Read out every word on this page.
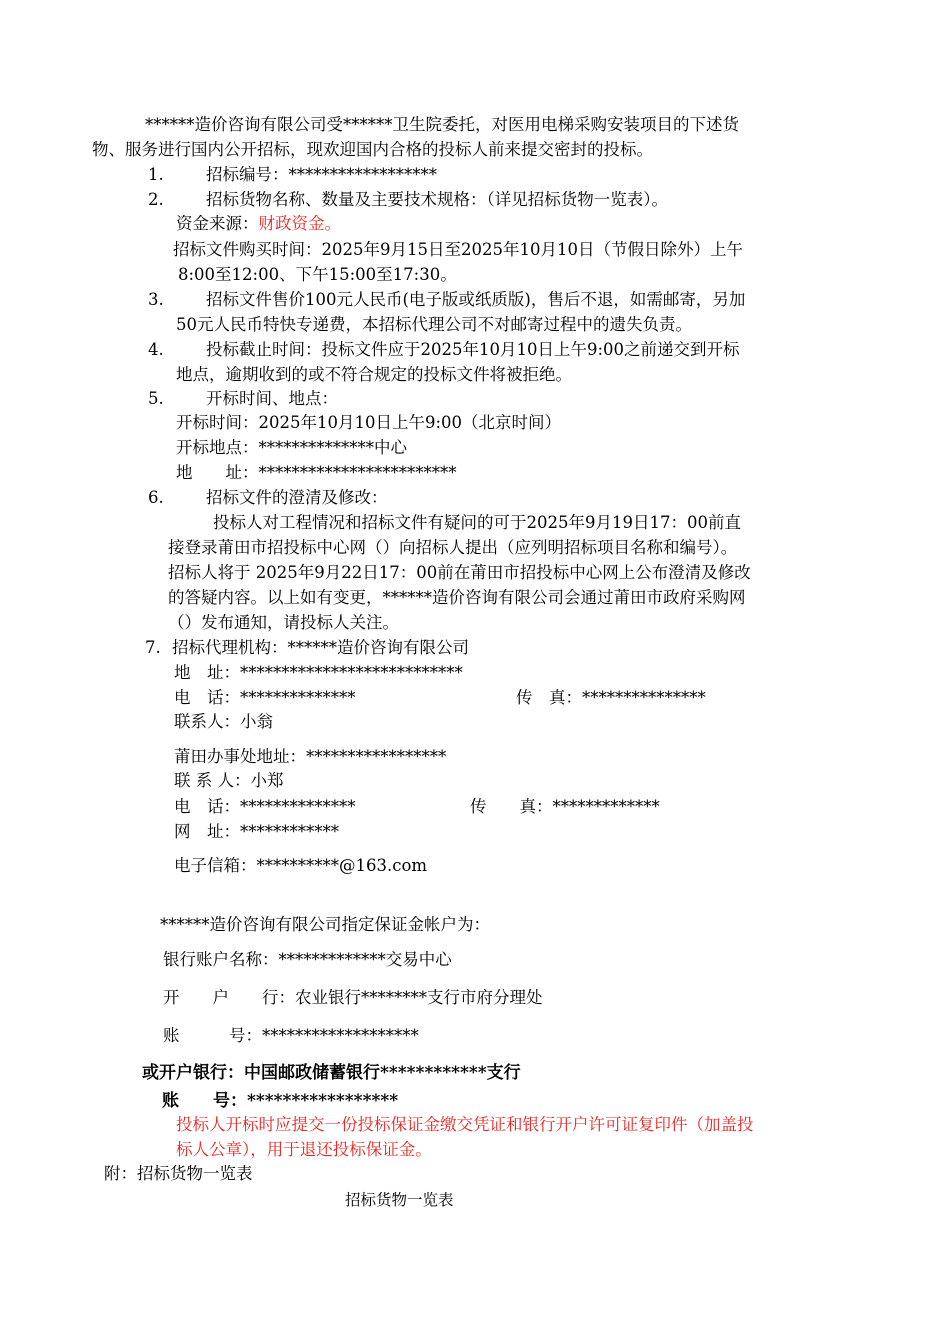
******造价咨询有限公司受******卫生院委托，对医用电梯采购安装项目的下述货
物、服务进行国内公开招标，现欢迎国内合格的投标人前来提交密封的投标。
1.	招标编号：******************
2.	招标货物名称、数量及主要技术规格：（详见招标货物一览表）。
资金来源：财政资金。
招标文件购买时间：2025年9月15日至2025年10月10日（节假日除外）上午
8:00至12:00、下午15:00至17:30。
3.	招标文件售价100元人民币(电子版或纸质版)，售后不退，如需邮寄，另加
50元人民币特快专递费，本招标代理公司不对邮寄过程中的遗失负责。
4.	投标截止时间：投标文件应于2025年10月10日上午9:00之前递交到开标
地点，逾期收到的或不符合规定的投标文件将被拒绝。
5.	开标时间、地点：
开标时间：2025年10月10日上午9:00（北京时间）
开标地点：**************中心
地　　址：************************
6.	招标文件的澄清及修改：
投标人对工程情况和招标文件有疑问的可于2025年9月19日17：00前直
接登录莆田市招投标中心网（）向招标人提出（应列明招标项目名称和编号）。
招标人将于 2025年9月22日17：00前在莆田市招投标中心网上公布澄清及修改
的答疑内容。以上如有变更，******造价咨询有限公司会通过莆田市政府采购网
（）发布通知，请投标人关注。
7. 招标代理机构：******造价咨询有限公司
地　址：***************************
电　话：**************	传　真：***************
联系人：小翁
莆田办事处地址：*****************
联 系 人：小郑
电　话：**************	传　　真：*************
网　址：************
电子信箱：**********@163.com
******造价咨询有限公司指定保证金帐户为：
银行账户名称：*************交易中心
开　　户　　行：农业银行********支行市府分理处
账　　　号：*******************
或开户银行：中国邮政储蓄银行************支行
账　　号：*****************
投标人开标时应提交一份投标保证金缴交凭证和银行开户许可证复印件（加盖投
标人公章），用于退还投标保证金。
附：招标货物一览表
招标货物一览表
